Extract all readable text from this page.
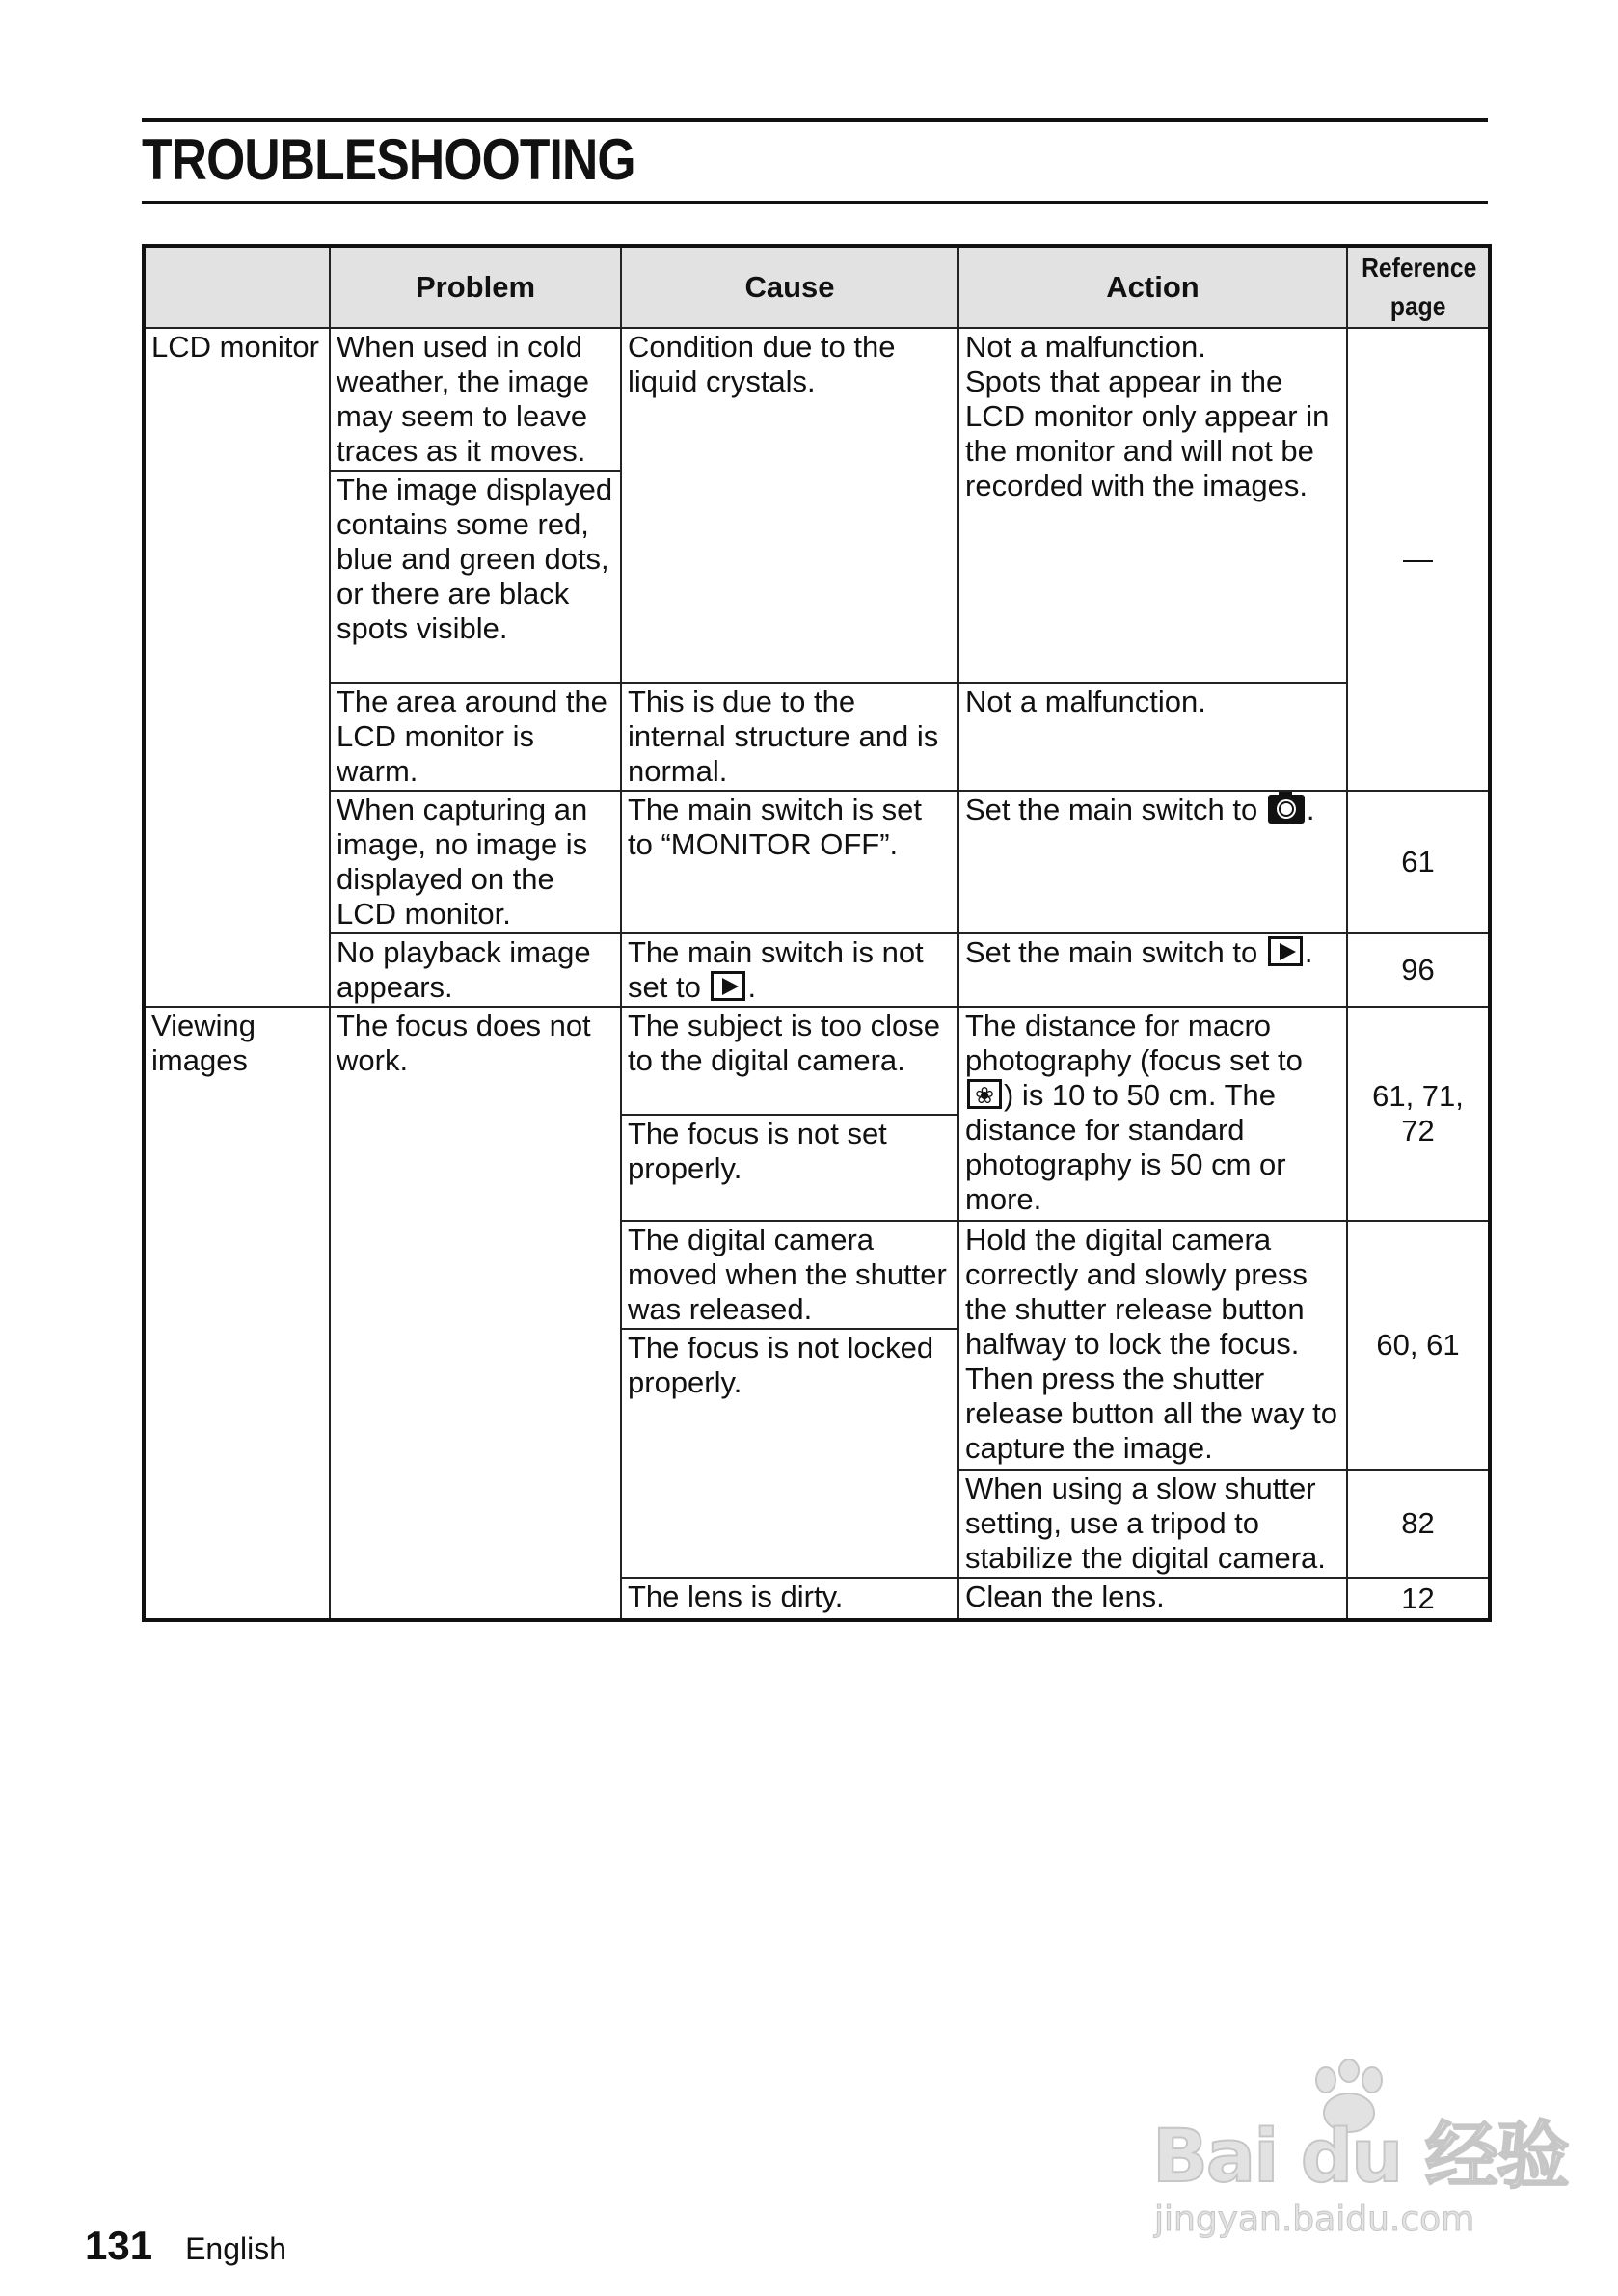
TROUBLESHOOTING
	Problem	Cause	Action	Reference
page
LCD monitor	When used in cold weather, the image may seem to leave traces as it moves.	Condition due to the liquid crystals.	Not a malfunction.
Spots that appear in the LCD monitor only appear in the monitor and will not be recorded with the images.	—
	The image displayed contains some red, blue and green dots, or there are black spots visible.			
	The area around the LCD monitor is warm.	This is due to the internal structure and is normal.	Not a malfunction.	
	When capturing an image, no image is displayed on the LCD monitor.	The main switch is set to “MONITOR OFF”.	Set the main switch to .	61
	No playback image appears.	The main switch is not set to .	Set the main switch to .	96
Viewing images	The focus does not work.	The subject is too close to the digital camera.	The distance for macro photography (focus set to ❀) is 10 to 50 cm. The distance for standard photography is 50 cm or more.	61, 71, 72
		The focus is not set properly.		
		The digital camera moved when the shutter was released.	Hold the digital camera correctly and slowly press the shutter release button halfway to lock the focus. Then press the shutter release button all the way to capture the image.	60, 61
		The focus is not locked properly.		
			When using a slow shutter setting, use a tripod to stabilize the digital camera.	82
		The lens is dirty.	Clean the lens.	12
131 English
Bai du 经验
jingyan.baidu.com
